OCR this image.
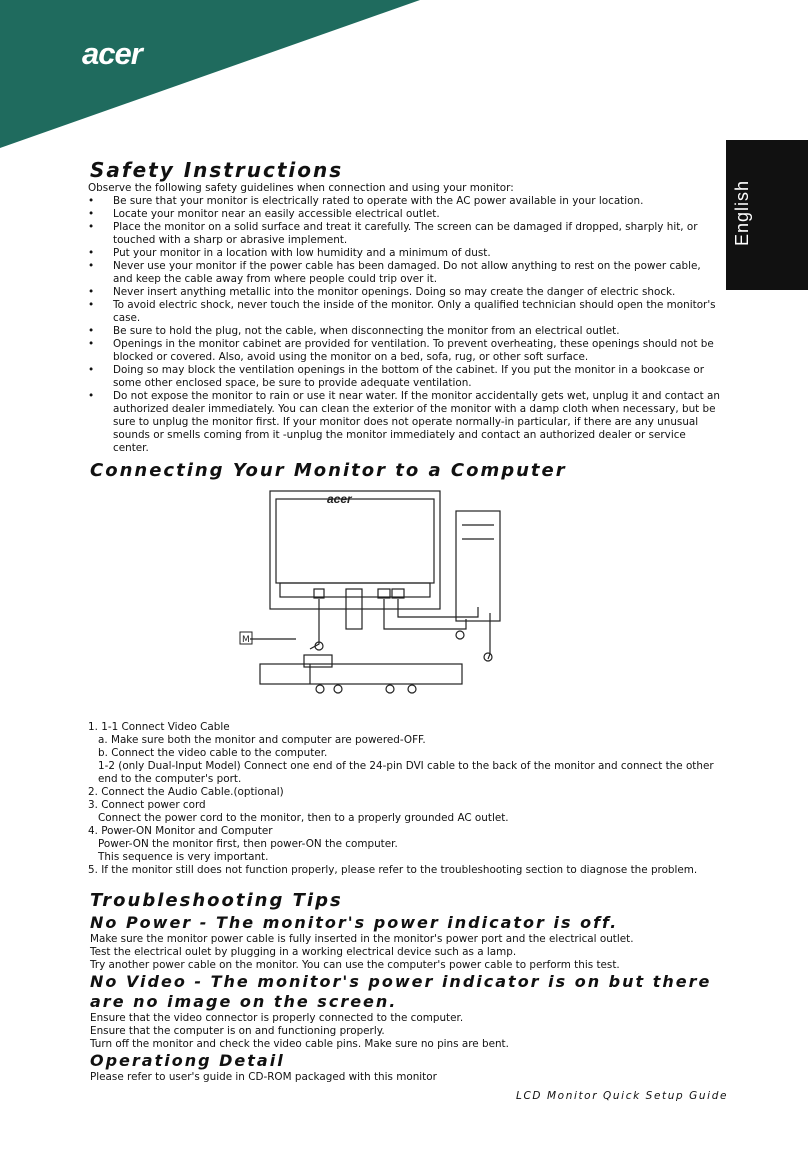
acer
English
Safety Instructions

Observe the following safety guidelines when connection and using your monitor:

• Be sure that your monitor is electrically rated to operate with the AC power available in your location.
• Locate your monitor near an easily accessible electrical outlet.
• Place the monitor on a solid surface and treat it carefully. The screen can be damaged if dropped, sharply hit, or touched with a sharp or abrasive implement.
• Put your monitor in a location with low humidity and a minimum of dust.
• Never use your monitor if the power cable has been damaged. Do not allow anything to rest on the power cable, and keep the cable away from where people could trip over it.
• Never insert anything metallic into the monitor openings. Doing so may create the danger of electric shock.
• To avoid electric shock, never touch the inside of the monitor. Only a qualified technician should open the monitor's case.
• Be sure to hold the plug, not the cable, when disconnecting the monitor from an electrical outlet.
• Openings in the monitor cabinet are provided for ventilation. To prevent overheating, these openings should not be blocked or covered. Also, avoid using the monitor on a bed, sofa, rug, or other soft surface.
• Doing so may block the ventilation openings in the bottom of the cabinet. If you put the monitor in a bookcase or some other enclosed space, be sure to provide adequate ventilation.
• Do not expose the monitor to rain or use it near water. If the monitor accidentally gets wet, unplug it and contact an authorized dealer immediately. You can clean the exterior of the monitor with a damp cloth when necessary, but be sure to unplug the monitor first. If your monitor does not operate normally-in particular, if there are any unusual sounds or smells coming from it -unplug the monitor immediately and contact an authorized dealer or service center.
Connecting Your Monitor to a Computer
acer
M

1. 1-1 Connect Video Cable

a. Make sure both the monitor and computer are powered-OFF.

b. Connect the video cable to the computer.

1-2 (only Dual-Input Model) Connect one end of the 24-pin DVI cable to the back of the monitor and connect the other end to the computer's port.

2. Connect the Audio Cable.(optional)

3. Connect power cord

Connect the power cord to the monitor, then to a properly grounded AC outlet.

4. Power-ON Monitor and Computer

Power-ON the monitor first, then power-ON the computer.

This sequence is very important.

5. If the monitor still does not function properly, please refer to the troubleshooting section to diagnose the problem.

Troubleshooting Tips
No Power - The monitor's power indicator is off.

Make sure the monitor power cable is fully inserted in the monitor's power port and the electrical outlet.

Test the electrical oulet by plugging in a working electrical device such as a lamp.

Try another power cable on the monitor. You can use the computer's power cable to perform this test.

No Video - The monitor's power indicator is on but there are no image on the screen.

Ensure that the video connector is properly connected to the computer.

Ensure that the computer is on and functioning properly.

Turn off the monitor and check the video cable pins. Make sure no pins are bent.

Operationg Detail

Please refer to user's guide in CD-ROM packaged with this monitor

LCD Monitor Quick Setup Guide
